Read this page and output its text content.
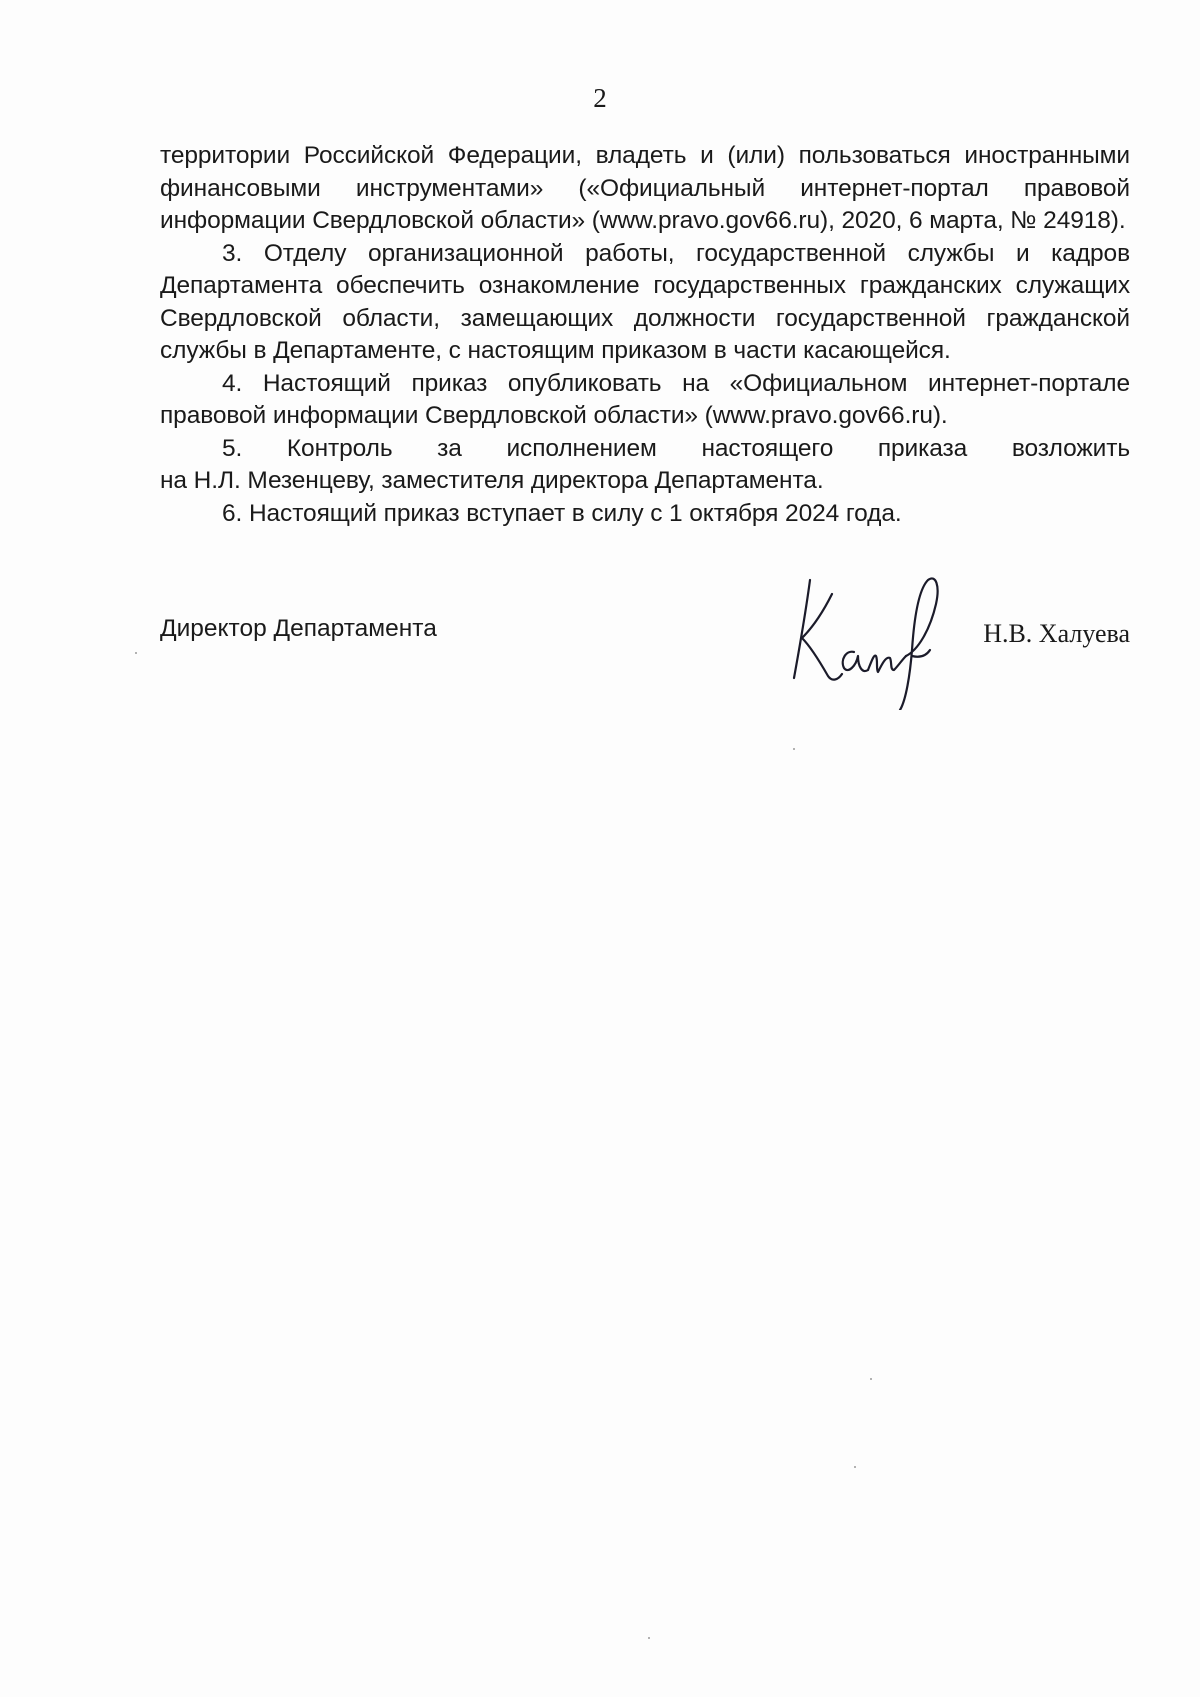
2

территории Российской Федерации, владеть и (или) пользоваться иностранными финансовыми инструментами» («Официальный интернет-портал правовой информации Свердловской области» (www.pravo.gov66.ru), 2020, 6 марта, № 24918).

3. Отделу организационной работы, государственной службы и кадров Департамента обеспечить ознакомление государственных гражданских служащих Свердловской области, замещающих должности государственной гражданской службы в Департаменте, с настоящим приказом в части касающейся.

4. Настоящий приказ опубликовать на «Официальном интернет-портале правовой информации Свердловской области» (www.pravo.gov66.ru).

5. Контроль за исполнением настоящего приказа возложить

на Н.Л. Мезенцеву, заместителя директора Департамента.

6. Настоящий приказ вступает в силу с 1 октября 2024 года.

Директор Департамента	Н.В. Халуева
